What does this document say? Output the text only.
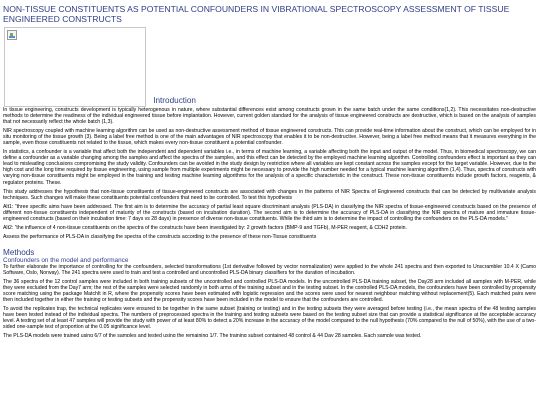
NON-TISSUE CONSTITUENTS AS POTENTIAL CONFOUNDERS IN VIBRATIONAL SPECTROSCOPY ASSESSMENT OF TISSUE ENGINEERED CONSTRUCTS
Introduction

In tissue engineering, constructs development is typically heterogenous in nature, where substantial differences exist among constructs grown in the same batch under the same conditions(1,2). This necessitates non-destructive methods to determine the readiness of the individual engineered tissue before implantation. However, current golden standard for the analysis of tissue engineered constructs are destructive, which is based on the analysis of samples that not necessarily reflect the whole batch (1,3).

NIR spectroscopy coupled with machine learning algorithm can be used as non-destructive assessment method of tissue engineered constructs. This can provide real-time information about the construct, which can be employed for in situ monitoring of the tissue growth (3). Being a label free method is one of the main advantages of NIR spectroscopy that enables it to be non-destructive. However, being a label free method means that it measures everything in the sample, even those constituents not related to the tissue, which makes every non-tissue constituent a potential confounder.

In statistics, a confounder is a variable that affect both the independent and dependent variables i.e., in terms of machine learning, a variable affecting both the input and output of the model. Thus, in biomedical spectroscopy, we can define a confounder as a variable changing among the samples and affect the spectra of the samples, and this effect can be detected by the employed machine learning algorithm. Controlling confounders effect is important as they can lead to misleading conclusions compromising the study validity. Confounders can be avoided in the study design by restriction where all variables are kept constant across the samples except for the target variable. However, due to the high cost and the long time required by tissue engineering, using sample from multiple experiments might be necessary to provide the high number needed for a typical machine learning algorithm (1,4). Thus, spectra of constructs with varying non-tissue constituents might be employed in the training and testing machine learning algorithms for the analysis of a specific characteristic in the construct. These non-tissue constituents include growth factors, reagents, & regulator proteins. These.

This study addresses the hypothesis that non-tissue constituents of tissue-engineered constructs are associated with changes in the patterns of NIR Spectra of Engineered constructs that can be detected by multivariate analysis techniques. Such changes will make these constituents potential confounders that need to be controlled. To test this hypothesis

Alt1: “three specific aims have been addressed. The first aim is to determine the accuracy of partial least square discriminant analysis (PLS-DA) in classifying the NIR spectra of tissue-engineered constructs based on the presence of different non-tissue constituents independent of maturity of the constructs (based on incubation duration). The second aim is to determine the accuracy of PLS-DA in classifying the NIR spectra of mature and immature tissue-engineered constructs (based on their incubation time: 7 days vs 28 days) in presence of diverse non-tissue constituents. While the third aim is to determine the impact of controlling the confounders on the PLS-DA models.”

Alt2: “the influence of 4 non-tissue constituents on the spectra of the constructs have been investigated by: 2 growth factors (BMP-9 and TGFb), M-PER reagent, & CDH2 protein.

Assess the performance of PLS-DA in classifying the spectra of the constructs according to the presence of these non-Tissue constituents

Methods
Confounders on the model and performance

To further elaborate the importance of controlling for the confounders, selected transformations (1st derivative followed by vector normalization) were applied to the whole 241 spectra and then exported to Unscrambler 10.4 X (Camo Software, Oslo, Norway). The 241 spectra were used to train and test a controlled and uncontrolled PLS-DA binary classifiers for the duration of incubation.

The 36 spectra of the 12 control samples were included in both training subsets of the uncontrolled and controlled PLS-DA models. In the uncontrolled PLS-DA training subset, the Day28 arm included all samples with M-PER, while they were excluded from the Day7 arm; the rest of the samples were selected randomly in both arms of the training subset and in the testing subset. In the controlled PLS-DA models, the confounders have been controlled by propensity score matching using the package MatchIt in R, where the propensity scores have been estimated with logistic regression and the scores were used for nearest neighbour matching without replacement(5). Each matched pairs were then included together in either the training or testing subsets and the propensity scores have been included in the model to ensure that the confounders are controlled.

To avoid the replicates trap, the technical replicates were ensured to be together in the same subset (training or testing) and in the testing subsets they were averaged before testing (i.e., the mean spectra of the 48 testing samples have been tested instead of the individual spectra. The numbers of preprocessed spectra in the training and testing subsets were based on the testing subset size that can provide a statistical significance at the acceptable accuracy level. A testing set of at least 47 samples will provide the study with power of at least 80% to detect a 20% increase in the accuracy of the model compared to the null hypothesis (70% compared to the null of 50%), with the use of a two-sided one-sample test of proportion at the 0.05 significance level.

The PLS-DA models were trained using 6/7 of the samples and tested using the remaining 1/7. The training subset contained 48 control & 44 Day 28 samples. Each sample was tested.
